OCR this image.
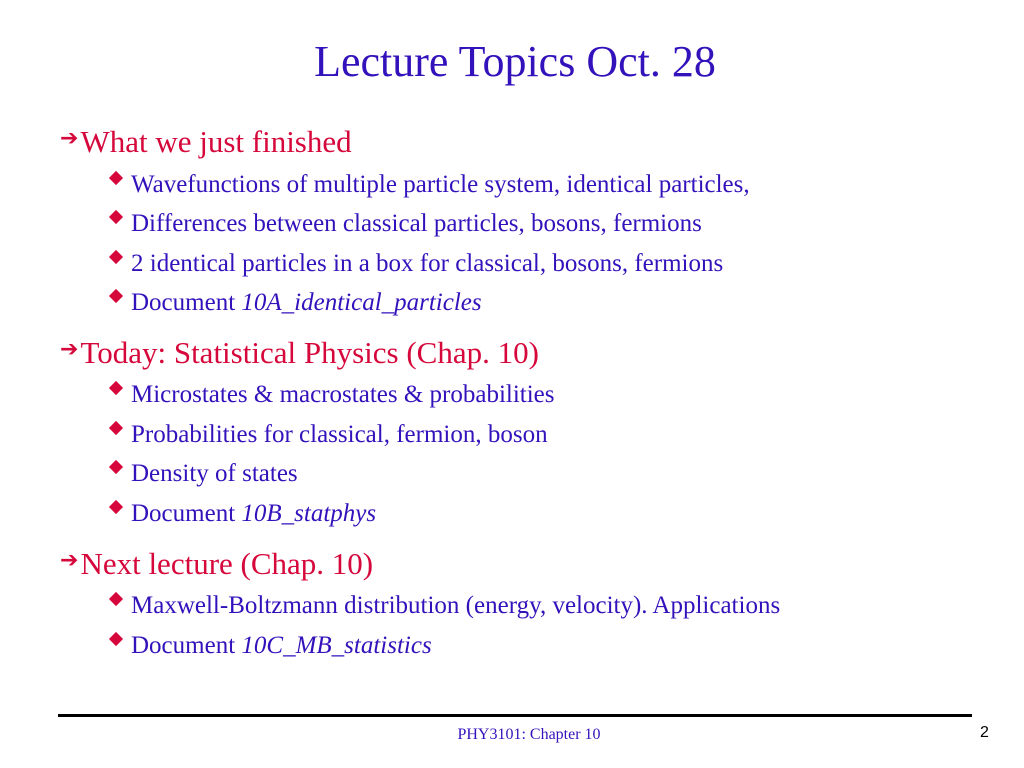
Lecture Topics Oct. 28
➔What we just finished
Wavefunctions of multiple particle system, identical particles,
Differences between classical particles, bosons, fermions
2 identical particles in a box for classical, bosons, fermions
Document 10A_identical_particles
➔Today: Statistical Physics (Chap. 10)
Microstates & macrostates & probabilities
Probabilities for classical, fermion, boson
Density of states
Document 10B_statphys
➔Next lecture (Chap. 10)
Maxwell-Boltzmann distribution (energy, velocity). Applications
Document 10C_MB_statistics
PHY3101: Chapter 10	2
